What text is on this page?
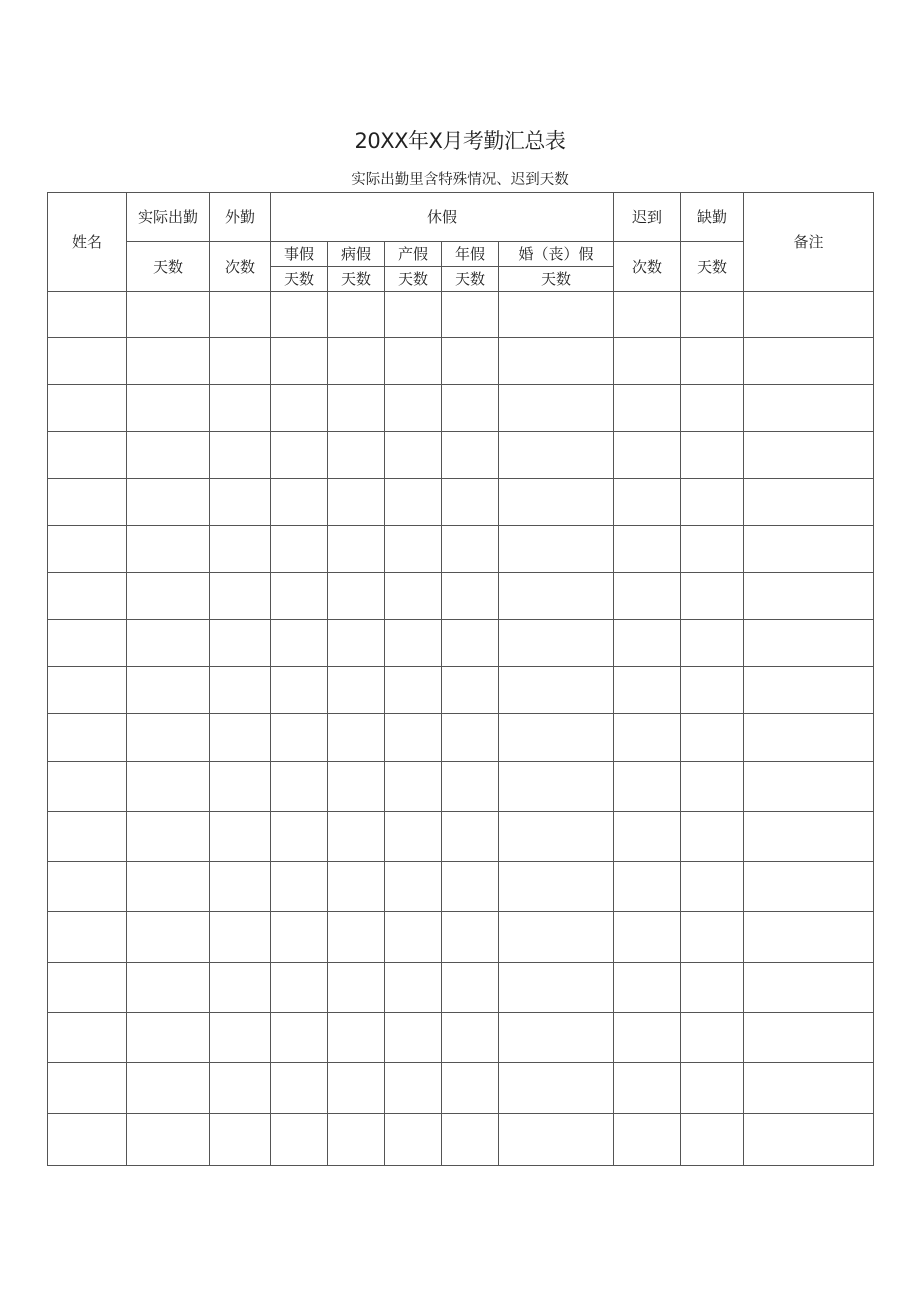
20XX年X月考勤汇总表
实际出勤里含特殊情况、迟到天数
姓名	实际出勤	外勤	休假					迟到	缺勤	备注
	天数	次数	事假	病假	产假	年假	婚（丧）假	次数	天数	
			天数	天数	天数	天数	天数			
